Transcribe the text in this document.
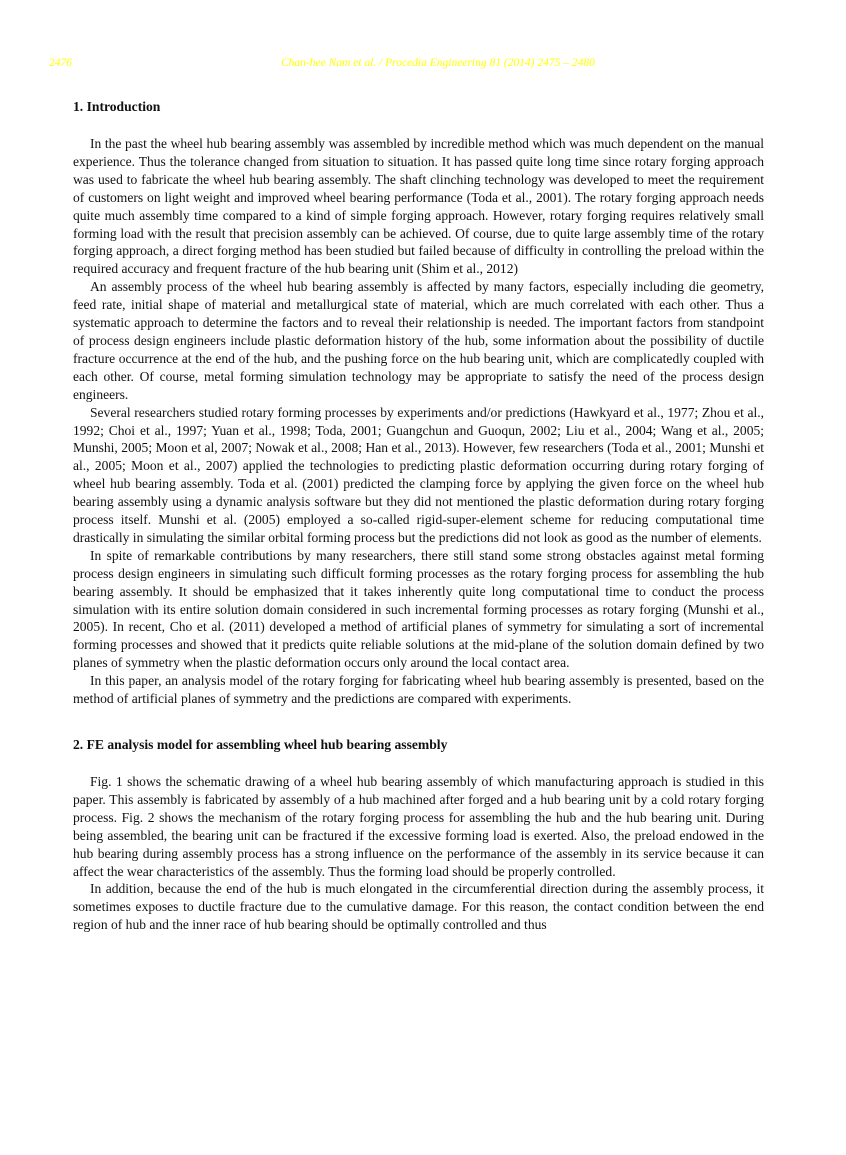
2476	Chan-hee Nam et al. / Procedia Engineering 81 (2014) 2475 – 2480
1. Introduction

In the past the wheel hub bearing assembly was assembled by incredible method which was much dependent on the manual experience. Thus the tolerance changed from situation to situation. It has passed quite long time since rotary forging approach was used to fabricate the wheel hub bearing assembly. The shaft clinching technology was developed to meet the requirement of customers on light weight and improved wheel bearing performance (Toda et al., 2001). The rotary forging approach needs quite much assembly time compared to a kind of simple forging approach. However, rotary forging requires relatively small forming load with the result that precision assembly can be achieved. Of course, due to quite large assembly time of the rotary forging approach, a direct forging method has been studied but failed because of difficulty in controlling the preload within the required accuracy and frequent fracture of the hub bearing unit (Shim et al., 2012)

An assembly process of the wheel hub bearing assembly is affected by many factors, especially including die geometry, feed rate, initial shape of material and metallurgical state of material, which are much correlated with each other. Thus a systematic approach to determine the factors and to reveal their relationship is needed. The important factors from standpoint of process design engineers include plastic deformation history of the hub, some information about the possibility of ductile fracture occurrence at the end of the hub, and the pushing force on the hub bearing unit, which are complicatedly coupled with each other. Of course, metal forming simulation technology may be appropriate to satisfy the need of the process design engineers.

Several researchers studied rotary forming processes by experiments and/or predictions (Hawkyard et al., 1977; Zhou et al., 1992; Choi et al., 1997; Yuan et al., 1998; Toda, 2001; Guangchun and Guoqun, 2002; Liu et al., 2004; Wang et al., 2005; Munshi, 2005; Moon et al, 2007; Nowak et al., 2008; Han et al., 2013). However, few researchers (Toda et al., 2001; Munshi et al., 2005; Moon et al., 2007) applied the technologies to predicting plastic deformation occurring during rotary forging of wheel hub bearing assembly. Toda et al. (2001) predicted the clamping force by applying the given force on the wheel hub bearing assembly using a dynamic analysis software but they did not mentioned the plastic deformation during rotary forging process itself. Munshi et al. (2005) employed a so-called rigid-super-element scheme for reducing computational time drastically in simulating the similar orbital forming process but the predictions did not look as good as the number of elements.

In spite of remarkable contributions by many researchers, there still stand some strong obstacles against metal forming process design engineers in simulating such difficult forming processes as the rotary forging process for assembling the hub bearing assembly. It should be emphasized that it takes inherently quite long computational time to conduct the process simulation with its entire solution domain considered in such incremental forming processes as rotary forging (Munshi et al., 2005). In recent, Cho et al. (2011) developed a method of artificial planes of symmetry for simulating a sort of incremental forming processes and showed that it predicts quite reliable solutions at the mid-plane of the solution domain defined by two planes of symmetry when the plastic deformation occurs only around the local contact area.

In this paper, an analysis model of the rotary forging for fabricating wheel hub bearing assembly is presented, based on the method of artificial planes of symmetry and the predictions are compared with experiments.

2. FE analysis model for assembling wheel hub bearing assembly

Fig. 1 shows the schematic drawing of a wheel hub bearing assembly of which manufacturing approach is studied in this paper. This assembly is fabricated by assembly of a hub machined after forged and a hub bearing unit by a cold rotary forging process. Fig. 2 shows the mechanism of the rotary forging process for assembling the hub and the hub bearing unit. During being assembled, the bearing unit can be fractured if the excessive forming load is exerted. Also, the preload endowed in the hub bearing during assembly process has a strong influence on the performance of the assembly in its service because it can affect the wear characteristics of the assembly. Thus the forming load should be properly controlled.

In addition, because the end of the hub is much elongated in the circumferential direction during the assembly process, it sometimes exposes to ductile fracture due to the cumulative damage. For this reason, the contact condition between the end region of hub and the inner race of hub bearing should be optimally controlled and thus
